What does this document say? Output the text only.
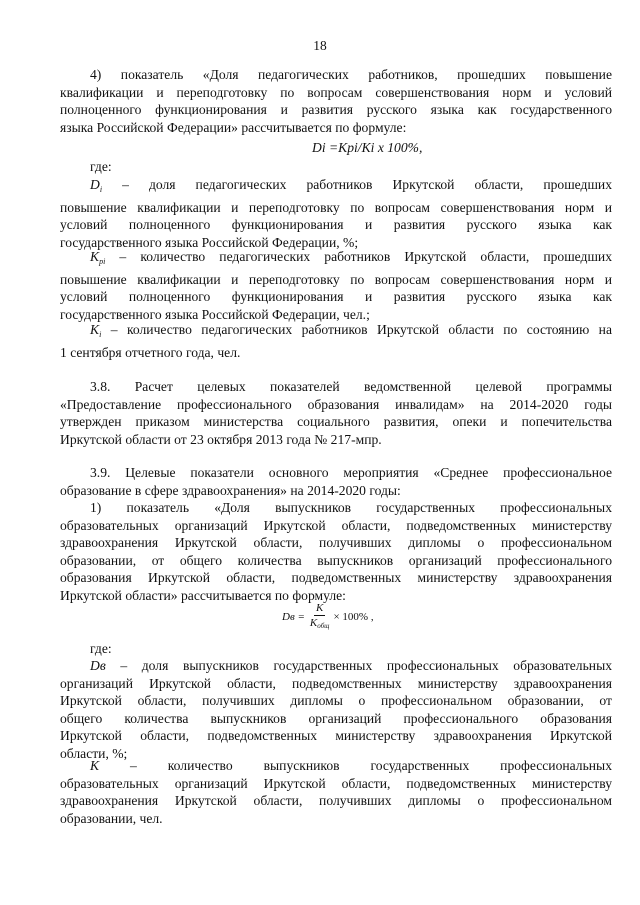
18
4) показатель «Доля педагогических работников, прошедших повышение
квалификации и переподготовку по вопросам совершенствования норм и условий
полноценного функционирования и развития русского языка как государственного
языка Российской Федерации» рассчитывается по формуле:
Di =Kpi/Ki x 100%,
где:
$D_i$ – доля педагогических работников Иркутской области, прошедших
повышение квалификации и переподготовку по вопросам совершенствования норм и
условий полноценного функционирования и развития русского языка как
государственного языка Российской Федерации, %;
$K_{pi}$ – количество педагогических работников Иркутской области, прошедших
повышение квалификации и переподготовку по вопросам совершенствования норм и
условий полноценного функционирования и развития русского языка как
государственного языка Российской Федерации, чел.;
$K_i$ – количество педагогических работников Иркутской области по состоянию на
1 сентября отчетного года, чел.
3.8. Расчет целевых показателей ведомственной целевой программы
«Предоставление профессионального образования инвалидам» на 2014-2020 годы
утвержден приказом министерства социального развития, опеки и попечительства
Иркутской области от 23 октября 2013 года № 217-мпр.
3.9. Целевые показатели основного мероприятия «Среднее профессиональное
образование в сфере здравоохранения» на 2014-2020 годы:
1) показатель «Доля выпускников государственных профессиональных
образовательных организаций Иркутской области, подведомственных министерству
здравоохранения Иркутской области, получивших дипломы о профессиональном
образовании, от общего количества выпускников организаций профессионального
образования Иркутской области, подведомственных министерству здравоохранения
Иркутской области» рассчитывается по формуле:
Dв = $\frac{K}{\text{Kобщ}} \times 100\%$ ,
где:
Dв – доля выпускников государственных профессиональных образовательных
организаций Иркутской области, подведомственных министерству здравоохранения
Иркутской области, получивших дипломы о профессиональном образовании, от
общего количества выпускников организаций профессионального образования
Иркутской области, подведомственных министерству здравоохранения Иркутской
области, %;
K – количество выпускников государственных профессиональных
образовательных организаций Иркутской области, подведомственных министерству
здравоохранения Иркутской области, получивших дипломы о профессиональном
образовании, чел.
